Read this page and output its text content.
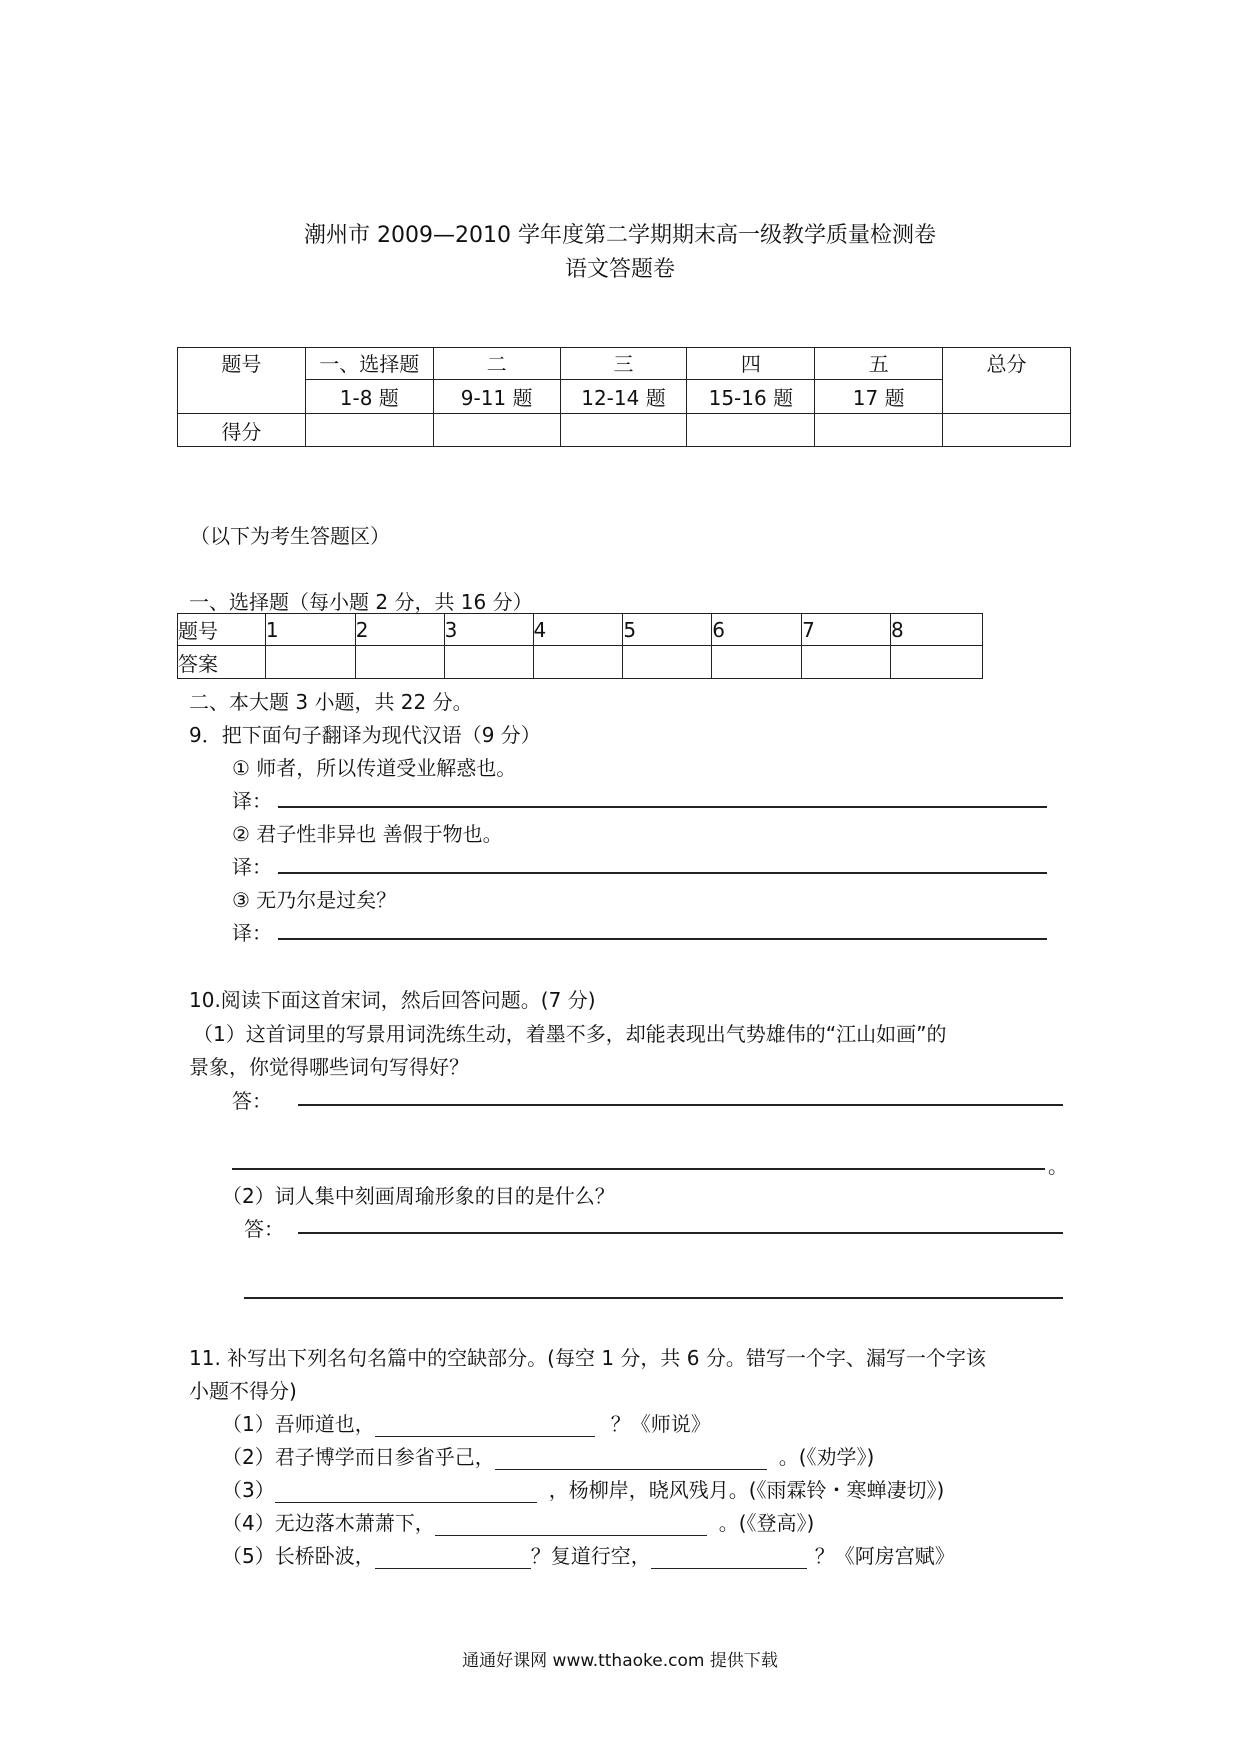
潮州市 2009—2010 学年度第二学期期末高一级教学质量检测卷
语文答题卷
题号	一、选择题	二	三	四	五	总分
	1-8 题	9-11 题	12-14 题	15-16 题	17 题	
得分						
（以下为考生答题区）
一、选择题（每小题 2 分，共 16 分）
题号	1	2	3	4	5	6	7	8
答案								
二、本大题 3 小题，共 22 分。
9．把下面句子翻译为现代汉语（9 分）
① 师者，所以传道受业解惑也。
译：
② 君子性非异也 善假于物也。
译：
③ 无乃尔是过矣？
译：
10.阅读下面这首宋词，然后回答问题。(7 分)
（1）这首词里的写景用词洗练生动，着墨不多，却能表现出气势雄伟的“江山如画”的
景象，你觉得哪些词句写得好？
答：
。
（2）词人集中刻画周瑜形象的目的是什么？
答：
11. 补写出下列名句名篇中的空缺部分。(每空 1 分，共 6 分。错写一个字、漏写一个字该
小题不得分)
（1）吾师道也，	？《师说》
（2）君子博学而日参省乎己，	。(《劝学》)
（3）	，杨柳岸，晓风残月。(《雨霖铃・寒蝉凄切》)
（4）无边落木萧萧下，	。(《登高》)
（5）长桥卧波，	？复道行空，	？《阿房宫赋》
通通好课网 www.tthaoke.com 提供下载
